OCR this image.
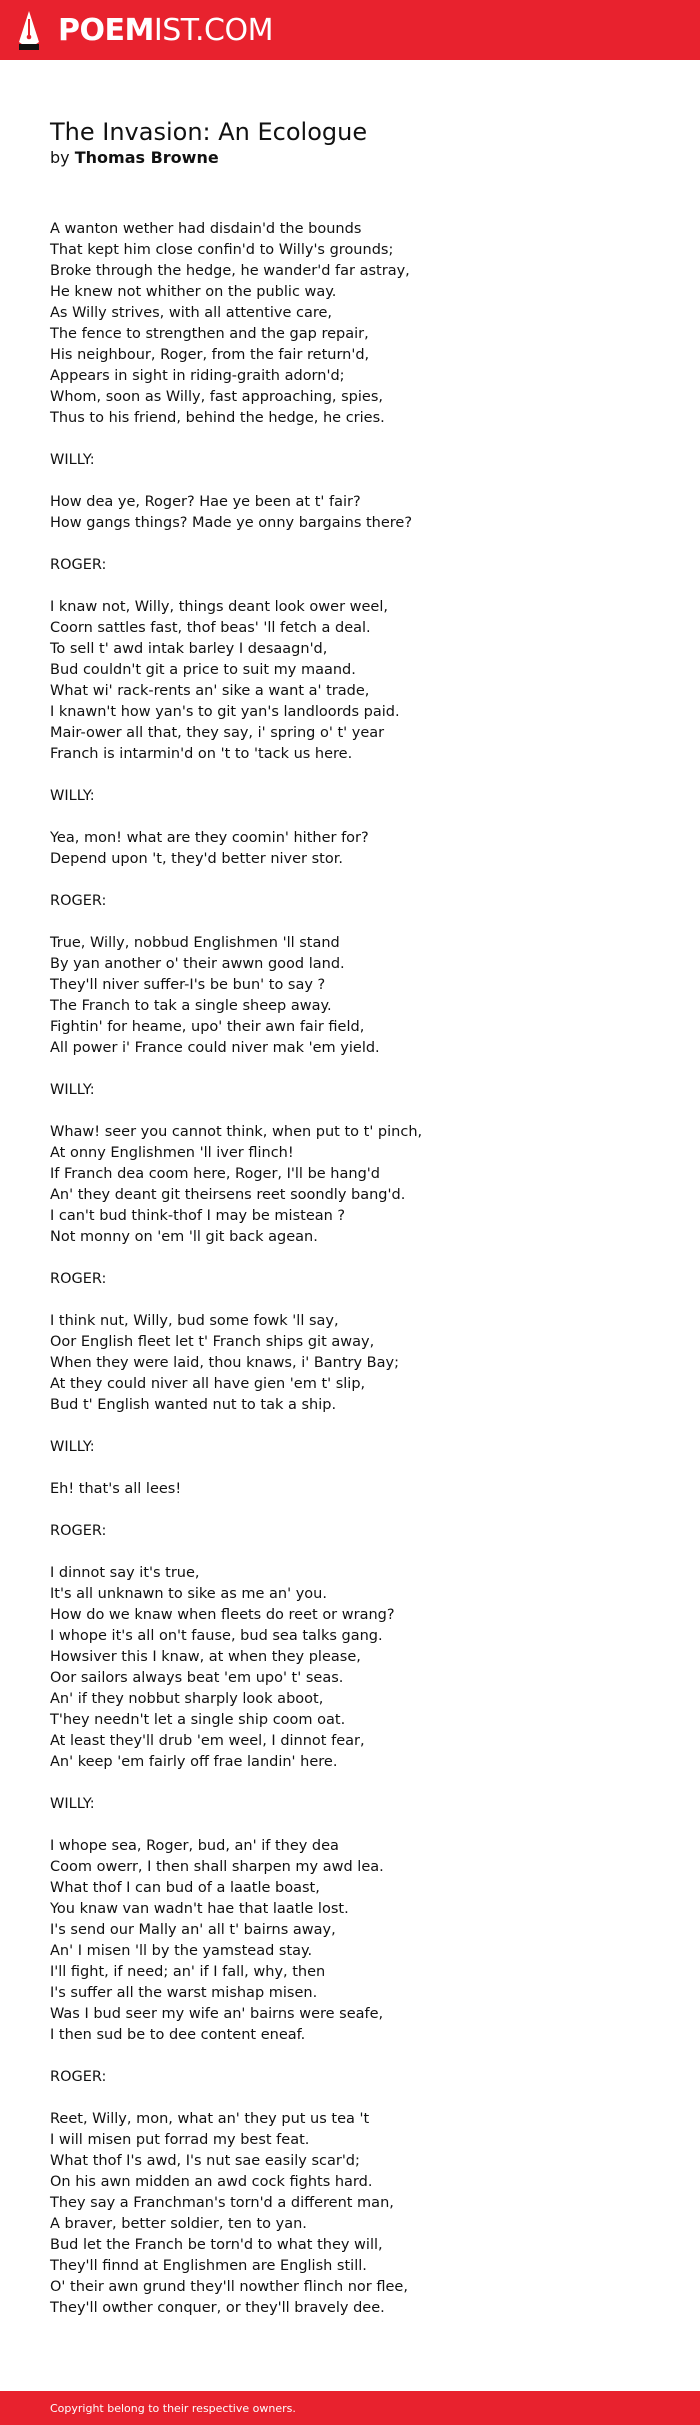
POEMIST.COM
The Invasion: An Ecologue
by Thomas Browne
A wanton wether had disdain'd the bounds
That kept him close confin'd to Willy's grounds;
Broke through the hedge, he wander'd far astray,
He knew not whither on the public way.
As Willy strives, with all attentive care,
The fence to strengthen and the gap repair,
His neighbour, Roger, from the fair return'd,
Appears in sight in riding-graith adorn'd;
Whom, soon as Willy, fast approaching, spies,
Thus to his friend, behind the hedge, he cries.
WILLY:
How dea ye, Roger? Hae ye been at t' fair?
How gangs things? Made ye onny bargains there?
ROGER:
I knaw not, Willy, things deant look ower weel,
Coorn sattles fast, thof beas' 'll fetch a deal.
To sell t' awd intak barley I desaagn'd,
Bud couldn't git a price to suit my maand.
What wi' rack-rents an' sike a want a' trade,
I knawn't how yan's to git yan's landloords paid.
Mair-ower all that, they say, i' spring o' t' year
Franch is intarmin'd on 't to 'tack us here.
WILLY:
Yea, mon! what are they coomin' hither for?
Depend upon 't, they'd better niver stor.
ROGER:
True, Willy, nobbud Englishmen 'll stand
By yan another o' their awwn good land.
They'll niver suffer-I's be bun' to say ?
The Franch to tak a single sheep away.
Fightin' for heame, upo' their awn fair field,
All power i' France could niver mak 'em yield.
WILLY:
Whaw! seer you cannot think, when put to t' pinch,
At onny Englishmen 'll iver flinch!
If Franch dea coom here, Roger, I'll be hang'd
An' they deant git theirsens reet soondly bang'd.
I can't bud think-thof I may be mistean ?
Not monny on 'em 'll git back agean.
ROGER:
I think nut, Willy, bud some fowk 'll say,
Oor English fleet let t' Franch ships git away,
When they were laid, thou knaws, i' Bantry Bay;
At they could niver all have gien 'em t' slip,
Bud t' English wanted nut to tak a ship.
WILLY:
Eh! that's all lees!
ROGER:
I dinnot say it's true,
It's all unknawn to sike as me an' you.
How do we knaw when fleets do reet or wrang?
I whope it's all on't fause, bud sea talks gang.
Howsiver this I knaw, at when they please,
Oor sailors always beat 'em upo' t' seas.
An' if they nobbut sharply look aboot,
T'hey needn't let a single ship coom oat.
At least they'll drub 'em weel, I dinnot fear,
An' keep 'em fairly off frae landin' here.
WILLY:
I whope sea, Roger, bud, an' if they dea
Coom owerr, I then shall sharpen my awd lea.
What thof I can bud of a laatle boast,
You knaw van wadn't hae that laatle lost.
I's send our Mally an' all t' bairns away,
An' I misen 'll by the yamstead stay.
I'll fight, if need; an' if I fall, why, then
I's suffer all the warst mishap misen.
Was I bud seer my wife an' bairns were seafe,
I then sud be to dee content eneaf.
ROGER:
Reet, Willy, mon, what an' they put us tea 't
I will misen put forrad my best feat.
What thof I's awd, I's nut sae easily scar'd;
On his awn midden an awd cock fights hard.
They say a Franchman's torn'd a different man,
A braver, better soldier, ten to yan.
Bud let the Franch be torn'd to what they will,
They'll finnd at Englishmen are English still.
O' their awn grund they'll nowther flinch nor flee,
They'll owther conquer, or they'll bravely dee.
Copyright belong to their respective owners.
